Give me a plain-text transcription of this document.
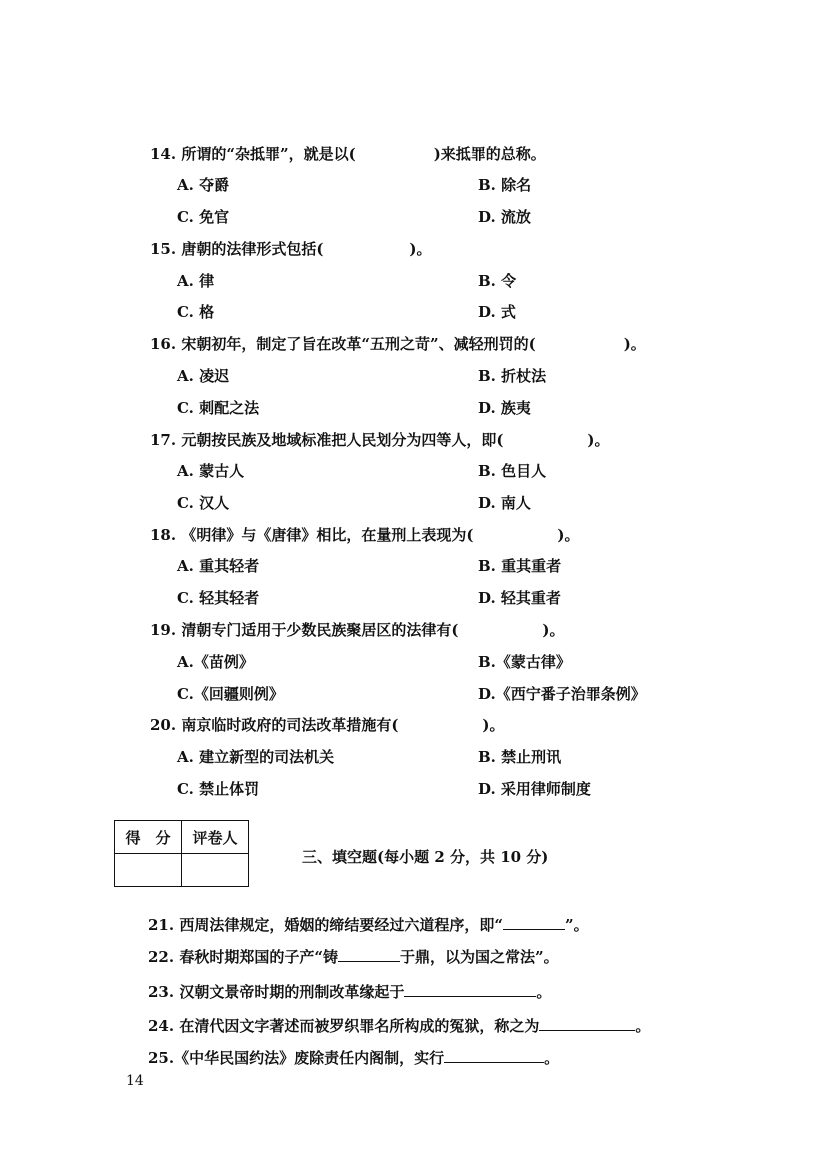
14. 所谓的“杂抵罪”，就是以(	)来抵罪的总称。
A. 夺爵	B. 除名
C. 免官	D. 流放
15. 唐朝的法律形式包括(	)。
A. 律	B. 令
C. 格	D. 式
16. 宋朝初年，制定了旨在改革“五刑之苛”、减轻刑罚的(	)。
A. 凌迟	B. 折杖法
C. 刺配之法	D. 族夷
17. 元朝按民族及地域标准把人民划分为四等人，即(	)。
A. 蒙古人	B. 色目人
C. 汉人	D. 南人
18. 《明律》与《唐律》相比，在量刑上表现为(	)。
A. 重其轻者	B. 重其重者
C. 轻其轻者	D. 轻其重者
19. 清朝专门适用于少数民族聚居区的法律有(	)。
A.《苗例》	B.《蒙古律》
C.《回疆则例》	D.《西宁番子治罪条例》
20. 南京临时政府的司法改革措施有(	)。
A. 建立新型的司法机关	B. 禁止刑讯
C. 禁止体罚	D. 采用律师制度
得　分	评卷人

三、填空题(每小题 2 分，共 10 分)
21. 西周法律规定，婚姻的缔结要经过六道程序，即“	”。
22. 春秋时期郑国的子产“铸	于鼎，以为国之常法”。
23. 汉朝文景帝时期的刑制改革缘起于	。
24. 在清代因文字著述而被罗织罪名所构成的冤狱，称之为	。
25.《中华民国约法》废除责任内阁制，实行	。
14
